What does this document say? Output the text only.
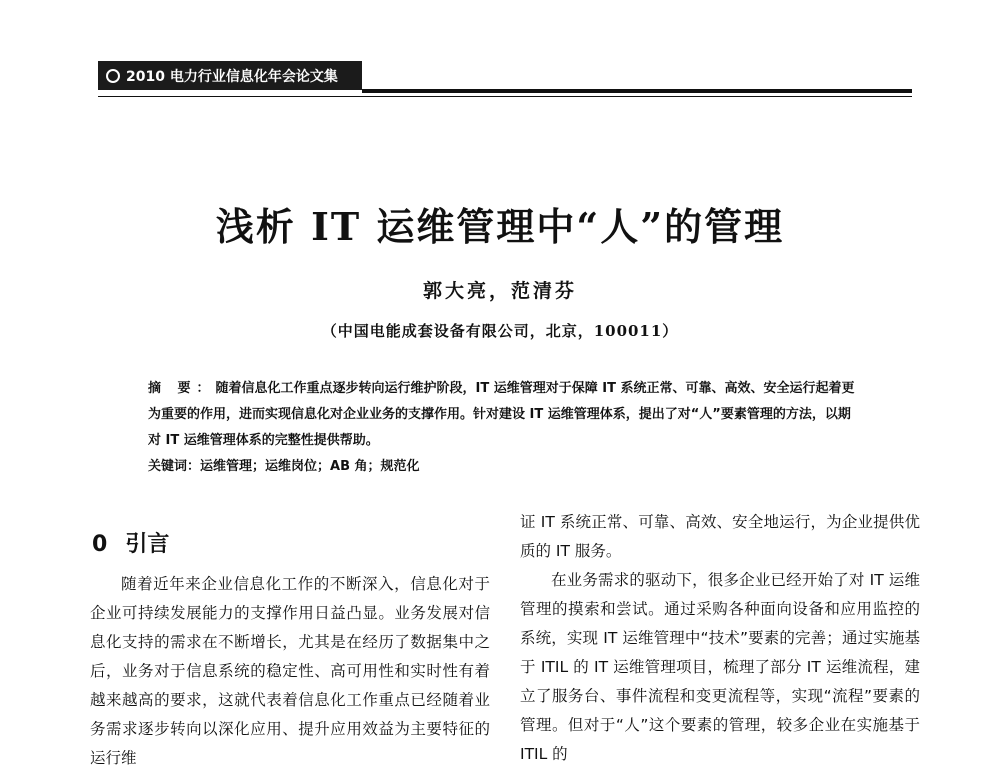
2010 电力行业信息化年会论文集
浅析 IT 运维管理中“人”的管理
郭大亮，范清芬
（中国电能成套设备有限公司，北京，100011）
摘 要：随着信息化工作重点逐步转向运行维护阶段，IT 运维管理对于保障 IT 系统正常、可靠、高效、安全运行起着更为重要的作用，进而实现信息化对企业业务的支撑作用。针对建设 IT 运维管理体系，提出了对“人”要素管理的方法，以期对 IT 运维管理体系的完整性提供帮助。
关键词：运维管理；运维岗位；AB 角；规范化
0 引言

随着近年来企业信息化工作的不断深入，信息化对于企业可持续发展能力的支撑作用日益凸显。业务发展对信息化支持的需求在不断增长，尤其是在经历了数据集中之后，业务对于信息系统的稳定性、高可用性和实时性有着越来越高的要求，这就代表着信息化工作重点已经随着业务需求逐步转向以深化应用、提升应用效益为主要特征的运行维

证 IT 系统正常、可靠、高效、安全地运行，为企业提供优质的 IT 服务。

在业务需求的驱动下，很多企业已经开始了对 IT 运维管理的摸索和尝试。通过采购各种面向设备和应用监控的系统，实现 IT 运维管理中“技术”要素的完善；通过实施基于 ITIL 的 IT 运维管理项目，梳理了部分 IT 运维流程，建立了服务台、事件流程和变更流程等，实现“流程”要素的管理。但对于“人”这个要素的管理，较多企业在实施基于 ITIL 的
